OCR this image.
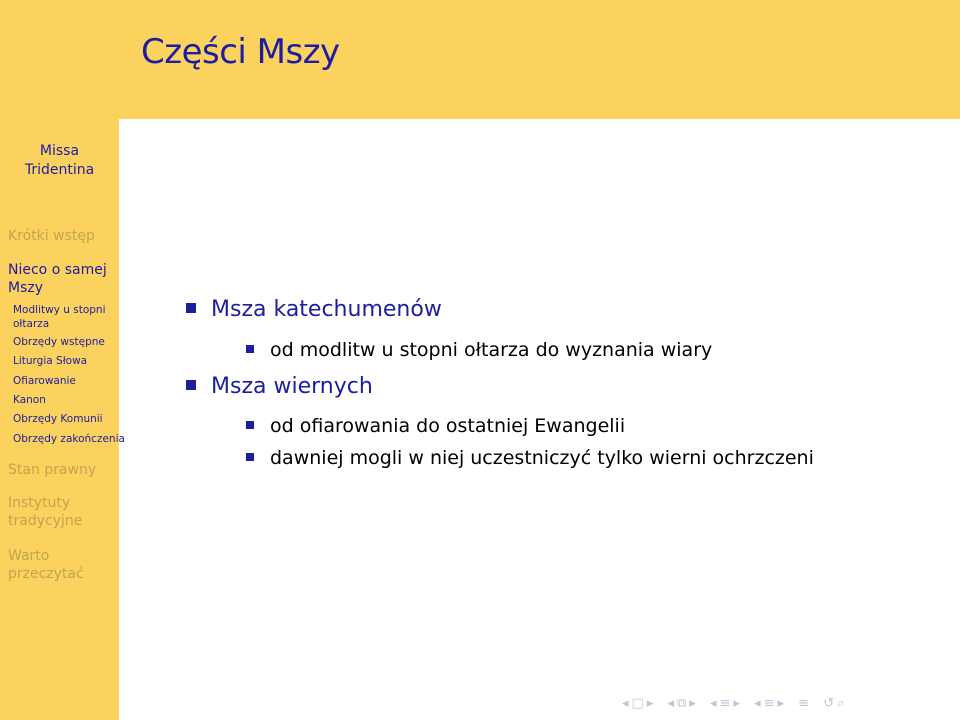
Missa
Tridentina
Krótki wstęp
Nieco o samej
Mszy
Modlitwy u stopni
ołtarza
Obrzędy wstępne
Liturgia Słowa
Ofiarowanie
Kanon
Obrzędy Komunii
Obrzędy zakończenia
Stan prawny
Instytuty
tradycyjne
Warto
przeczytać
Części Mszy
Msza katechumenów
od modlitw u stopni ołtarza do wyznania wiary
Msza wiernych
od ofiarowania do ostatniej Ewangelii
dawniej mogli w niej uczestniczyć tylko wierni ochrzczeni
◂□▸ ◂⧉▸ ◂≡▸ ◂≡▸ ≡ ↺⌕
